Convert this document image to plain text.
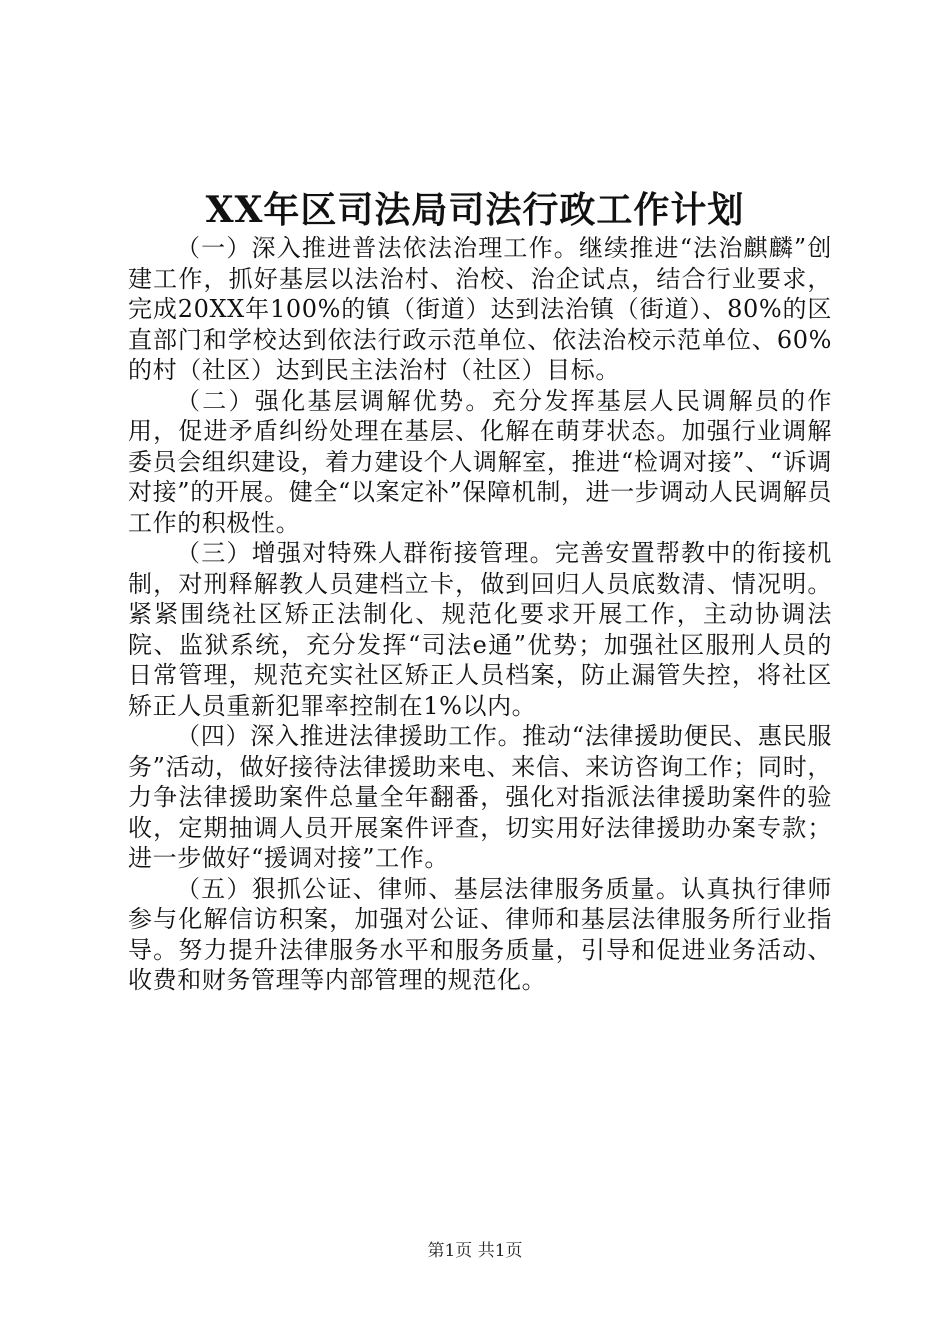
XX年区司法局司法行政工作计划

（一）深入推进普法依法治理工作。继续推进“法治麒麟”创建工作，抓好基层以法治村、治校、治企试点，结合行业要求，完成20XX年100%的镇（街道）达到法治镇（街道）、80%的区直部门和学校达到依法行政示范单位、依法治校示范单位、60%的村（社区）达到民主法治村（社区）目标。

（二）强化基层调解优势。充分发挥基层人民调解员的作用，促进矛盾纠纷处理在基层、化解在萌芽状态。加强行业调解委员会组织建设，着力建设个人调解室，推进“检调对接”、“诉调对接”的开展。健全“以案定补”保障机制，进一步调动人民调解员工作的积极性。

（三）增强对特殊人群衔接管理。完善安置帮教中的衔接机制，对刑释解教人员建档立卡，做到回归人员底数清、情况明。紧紧围绕社区矫正法制化、规范化要求开展工作，主动协调法院、监狱系统，充分发挥“司法e通”优势；加强社区服刑人员的日常管理，规范充实社区矫正人员档案，防止漏管失控，将社区矫正人员重新犯罪率控制在1%以内。

（四）深入推进法律援助工作。推动“法律援助便民、惠民服务”活动，做好接待法律援助来电、来信、来访咨询工作；同时，力争法律援助案件总量全年翻番，强化对指派法律援助案件的验收，定期抽调人员开展案件评查，切实用好法律援助办案专款；进一步做好“援调对接”工作。

（五）狠抓公证、律师、基层法律服务质量。认真执行律师参与化解信访积案，加强对公证、律师和基层法律服务所行业指导。努力提升法律服务水平和服务质量，引导和促进业务活动、收费和财务管理等内部管理的规范化。

第1页 共1页
